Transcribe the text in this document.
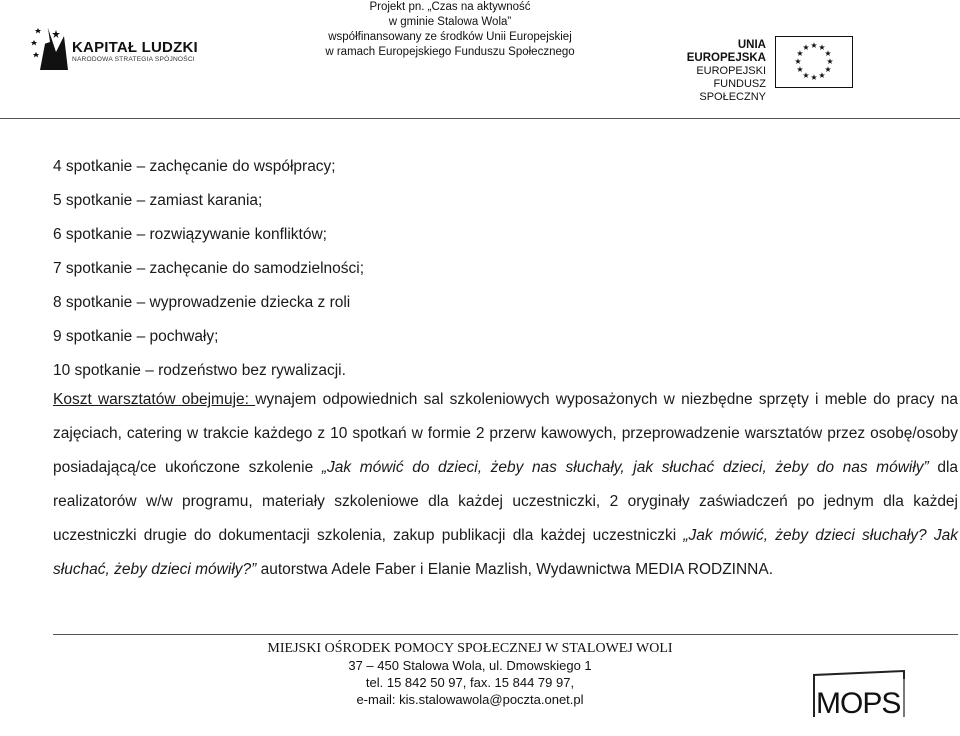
KAPITAŁ LUDZKI
NARODOWA STRATEGIA SPÓJNOŚCI
Projekt pn. „Czas na aktywność
w gminie Stalowa Wola”
współfinansowany ze środków Unii Europejskiej
w ramach Europejskiego Funduszu Społecznego
UNIA EUROPEJSKA
EUROPEJSKI
FUNDUSZ SPOŁECZNY
★ ★
★
★
★
★
★
★
★
★
★
★
4 spotkanie – zachęcanie do współpracy;
5 spotkanie – zamiast karania;
6 spotkanie – rozwiązywanie konfliktów;
7 spotkanie – zachęcanie do samodzielności;
8 spotkanie – wyprowadzenie dziecka z roli
9 spotkanie – pochwały;
10 spotkanie – rodzeństwo bez rywalizacji.
Koszt warsztatów obejmuje: wynajem odpowiednich sal szkoleniowych wyposażonych w niezbędne sprzęty i meble do pracy na zajęciach, catering w trakcie każdego z 10 spotkań w formie 2 przerw kawowych, przeprowadzenie warsztatów przez osobę/osoby posiadającą/ce ukończone szkolenie „Jak mówić do dzieci, żeby nas słuchały, jak słuchać dzieci, żeby do nas mówiły” dla realizatorów w/w programu, materiały szkoleniowe dla każdej uczestniczki, 2 oryginały zaświadczeń po jednym dla każdej uczestniczki drugie do dokumentacji szkolenia, zakup publikacji dla każdej uczestniczki „Jak mówić, żeby dzieci słuchały? Jak słuchać, żeby dzieci mówiły?” autorstwa Adele Faber i Elanie Mazlish, Wydawnictwa MEDIA RODZINNA.
MIEJSKI OŚRODEK POMOCY SPOŁECZNEJ W STALOWEJ WOLI
37 – 450 Stalowa Wola, ul. Dmowskiego 1
tel. 15 842 50 97, fax. 15 844 79 97,
e-mail: kis.stalowawola@poczta.onet.pl	MOPS
